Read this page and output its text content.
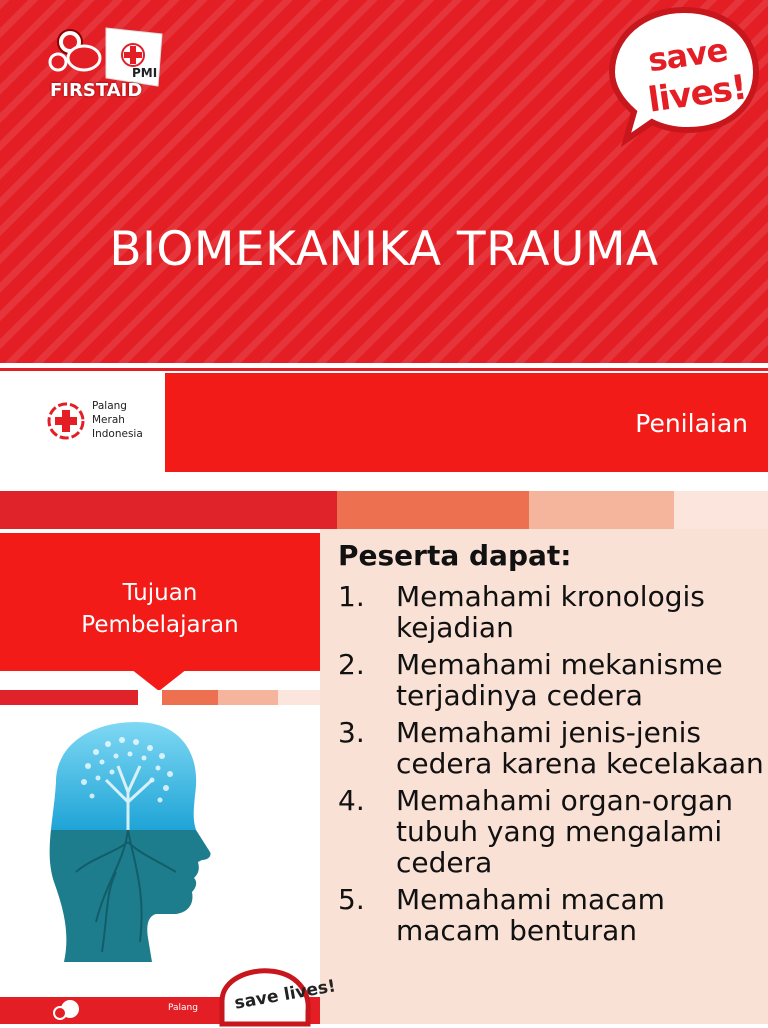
FIRSTAID
PMI	save
lives!
BIOMEKANIKA TRAUMA
Palang
Merah
Indonesia	Penilaian
Tujuan
Pembelajaran
Palang save lives!
Peserta dapat:
1. Memahami kronologis kejadian
2. Memahami mekanisme terjadinya cedera
3. Memahami jenis-jenis cedera karena kecelakaan
4. Memahami organ-organ tubuh yang mengalami cedera
5. Memahami macam macam benturan
